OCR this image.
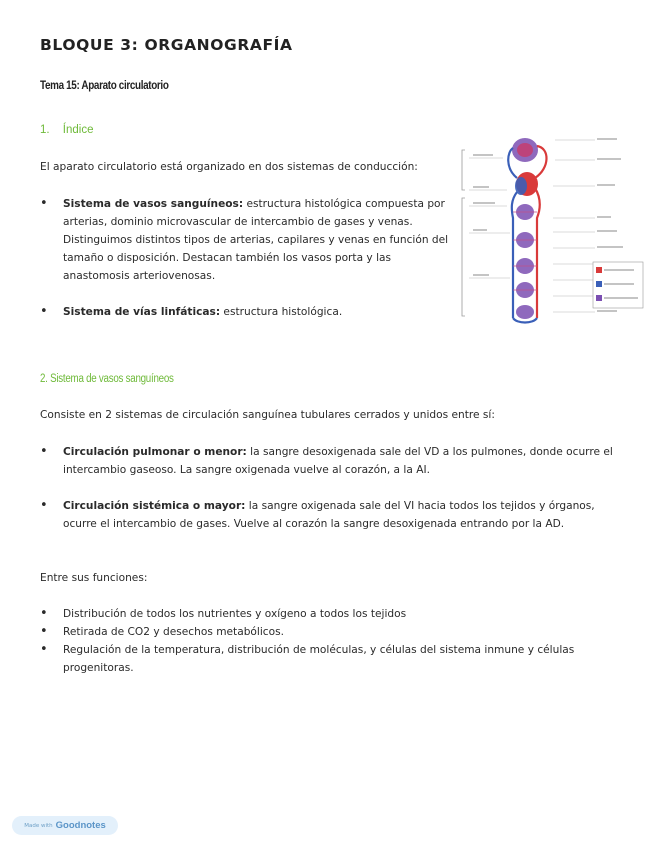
BLOQUE 3: ORGANOGRAFÍA
Tema 15: Aparato circulatorio
1. Índice

El aparato circulatorio está organizado en dos sistemas de conducción:

• Sistema de vasos sanguíneos: estructura histológica compuesta por arterias, dominio microvascular de intercambio de gases y venas. Distinguimos distintos tipos de arterias, capilares y venas en función del tamaño o disposición. Destacan también los vasos porta y las anastomosis arteriovenosas.
• Sistema de vías linfáticas: estructura histológica.
2. Sistema de vasos sanguíneos

Consiste en 2 sistemas de circulación sanguínea tubulares cerrados y unidos entre sí:

• Circulación pulmonar o menor: la sangre desoxigenada sale del VD a los pulmones, donde ocurre el intercambio gaseoso. La sangre oxigenada vuelve al corazón, a la AI.
• Circulación sistémica o mayor: la sangre oxigenada sale del VI hacia todos los tejidos y órganos, ocurre el intercambio de gases. Vuelve al corazón la sangre desoxigenada entrando por la AD.

Entre sus funciones:

• Distribución de todos los nutrientes y oxígeno a todos los tejidos
• Retirada de CO2 y desechos metabólicos.
• Regulación de la temperatura, distribución de moléculas, y células del sistema inmune y células progenitoras.
Made with Goodnotes
